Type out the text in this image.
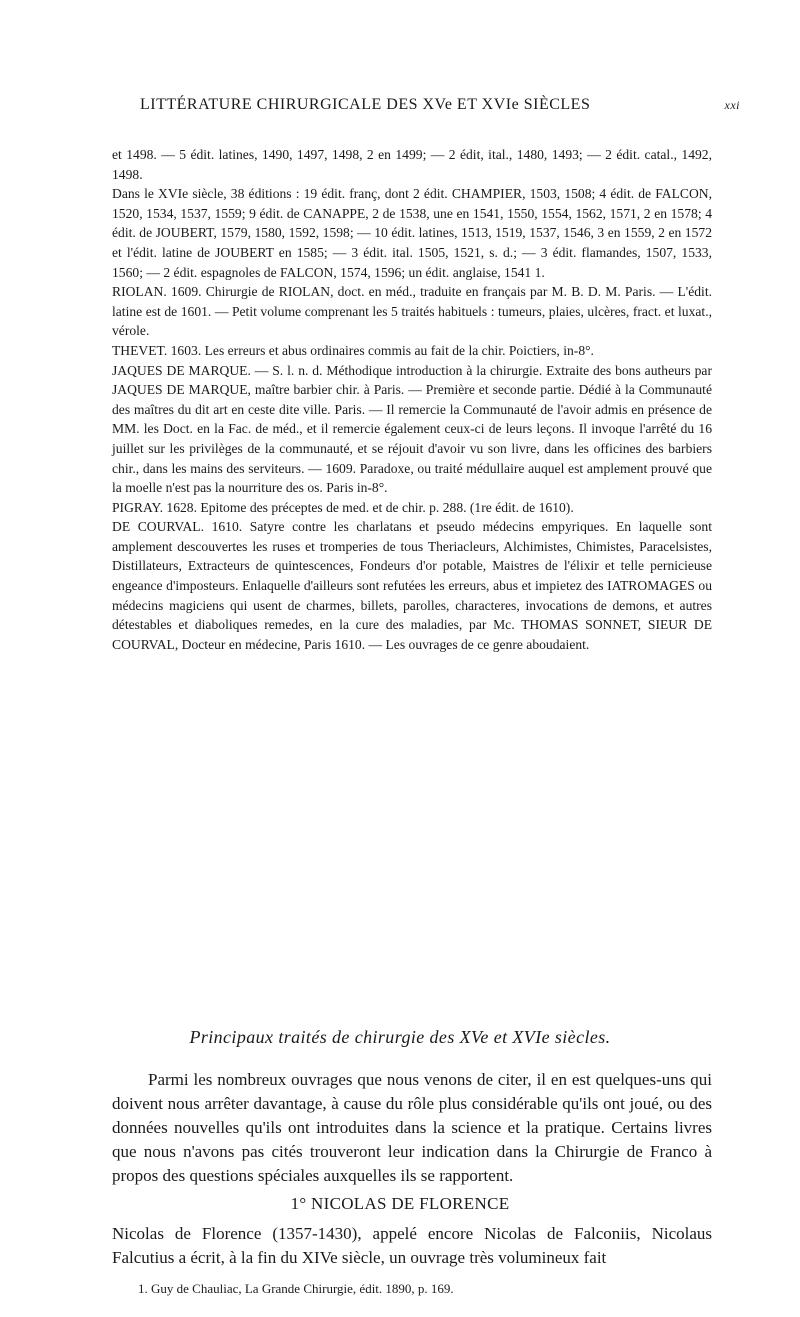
LITTÉRATURE CHIRURGICALE DES XVe ET XVIe SIÈCLES	xxi

et 1498. — 5 édit. latines, 1490, 1497, 1498, 2 en 1499; — 2 édit, ital., 1480, 1493; — 2 édit. catal., 1492, 1498.

Dans le XVIe siècle, 38 éditions : 19 édit. franç, dont 2 édit. CHAMPIER, 1503, 1508; 4 édit. de FALCON, 1520, 1534, 1537, 1559; 9 édit. de CANAPPE, 2 de 1538, une en 1541, 1550, 1554, 1562, 1571, 2 en 1578; 4 édit. de JOUBERT, 1579, 1580, 1592, 1598; — 10 édit. latines, 1513, 1519, 1537, 1546, 3 en 1559, 2 en 1572 et l'édit. latine de JOUBERT en 1585; — 3 édit. ital. 1505, 1521, s. d.; — 3 édit. flamandes, 1507, 1533, 1560; — 2 édit. espagnoles de FALCON, 1574, 1596; un édit. anglaise, 1541 1.

RIOLAN. 1609. Chirurgie de RIOLAN, doct. en méd., traduite en français par M. B. D. M. Paris. — L'édit. latine est de 1601. — Petit volume comprenant les 5 traités habituels : tumeurs, plaies, ulcères, fract. et luxat., vérole.

THEVET. 1603. Les erreurs et abus ordinaires commis au fait de la chir. Poictiers, in-8°.

JAQUES DE MARQUE. — S. l. n. d. Méthodique introduction à la chirurgie. Extraite des bons autheurs par JAQUES DE MARQUE, maître barbier chir. à Paris. — Première et seconde partie. Dédié à la Communauté des maîtres du dit art en ceste dite ville. Paris. — Il remercie la Communauté de l'avoir admis en présence de MM. les Doct. en la Fac. de méd., et il remercie également ceux-ci de leurs leçons. Il invoque l'arrêté du 16 juillet sur les privilèges de la communauté, et se réjouit d'avoir vu son livre, dans les officines des barbiers chir., dans les mains des serviteurs. — 1609. Paradoxe, ou traité médullaire auquel est amplement prouvé que la moelle n'est pas la nourriture des os. Paris in-8°.

PIGRAY. 1628. Epitome des préceptes de med. et de chir. p. 288. (1re édit. de 1610).

DE COURVAL. 1610. Satyre contre les charlatans et pseudo médecins empyriques. En laquelle sont amplement descouvertes les ruses et tromperies de tous Theriacleurs, Alchimistes, Chimistes, Paracelsistes, Distillateurs, Extracteurs de quintescences, Fondeurs d'or potable, Maistres de l'élixir et telle pernicieuse engeance d'imposteurs. Enlaquelle d'ailleurs sont refutées les erreurs, abus et impietez des IATROMAGES ou médecins magiciens qui usent de charmes, billets, parolles, characteres, invocations de demons, et autres détestables et diaboliques remedes, en la cure des maladies, par Mc. THOMAS SONNET, SIEUR DE COURVAL, Docteur en médecine, Paris 1610. — Les ouvrages de ce genre aboudaient.

Principaux traités de chirurgie des XVe et XVIe siècles.

Parmi les nombreux ouvrages que nous venons de citer, il en est quelques-uns qui doivent nous arrêter davantage, à cause du rôle plus considérable qu'ils ont joué, ou des données nouvelles qu'ils ont introduites dans la science et la pratique. Certains livres que nous n'avons pas cités trouveront leur indication dans la Chirurgie de Franco à propos des questions spéciales auxquelles ils se rapportent.

1° NICOLAS DE FLORENCE

Nicolas de Florence (1357-1430), appelé encore Nicolas de Falconiis, Nicolaus Falcutius a écrit, à la fin du XIVe siècle, un ouvrage très volumineux fait

1. Guy de Chauliac, La Grande Chirurgie, édit. 1890, p. 169.
